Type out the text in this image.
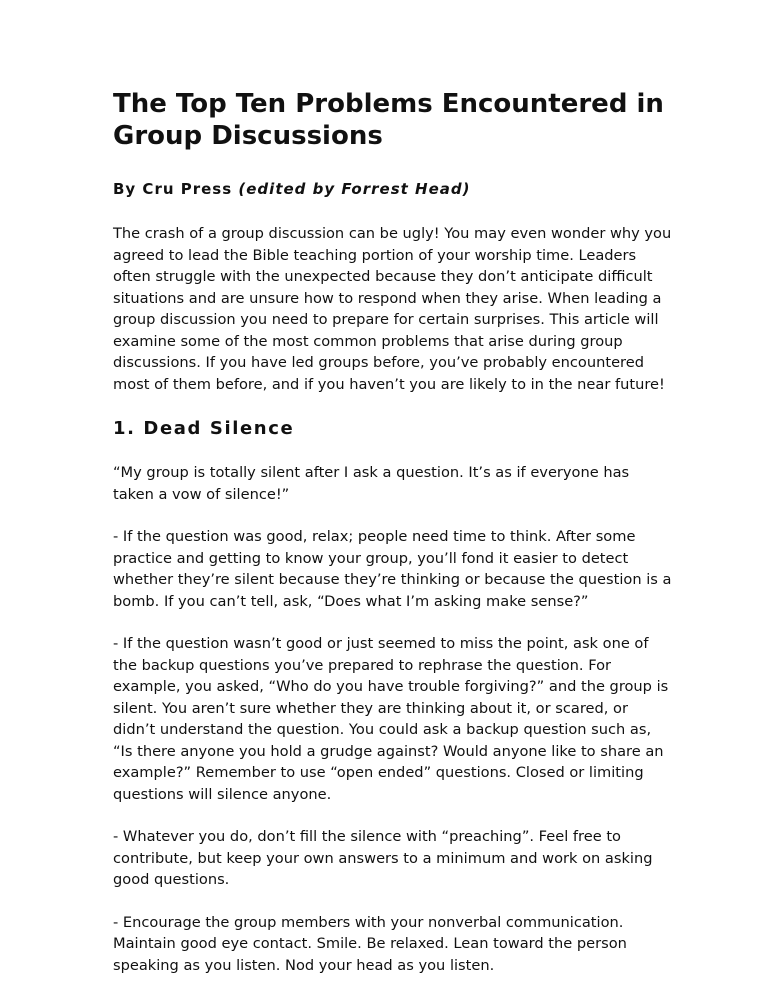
The Top Ten Problems Encountered in Group Discussions
By Cru Press (edited by Forrest Head)

The crash of a group discussion can be ugly! You may even wonder why you agreed to lead the Bible teaching portion of your worship time. Leaders often struggle with the unexpected because they don’t anticipate difficult situations and are unsure how to respond when they arise. When leading a group discussion you need to prepare for certain surprises. This article will examine some of the most common problems that arise during group discussions. If you have led groups before, you’ve probably encountered most of them before, and if you haven’t you are likely to in the near future!

1. Dead Silence

“My group is totally silent after I ask a question. It’s as if everyone has taken a vow of silence!”

- If the question was good, relax; people need time to think. After some practice and getting to know your group, you’ll fond it easier to detect whether they’re silent because they’re thinking or because the question is a bomb. If you can’t tell, ask, “Does what I’m asking make sense?”

- If the question wasn’t good or just seemed to miss the point, ask one of the backup questions you’ve prepared to rephrase the question. For example, you asked, “Who do you have trouble forgiving?” and the group is silent. You aren’t sure whether they are thinking about it, or scared, or didn’t understand the question. You could ask a backup question such as, “Is there anyone you hold a grudge against? Would anyone like to share an example?” Remember to use “open ended” questions. Closed or limiting questions will silence anyone.

- Whatever you do, don’t fill the silence with “preaching”. Feel free to contribute, but keep your own answers to a minimum and work on asking good questions.

- Encourage the group members with your nonverbal communication. Maintain good eye contact. Smile. Be relaxed. Lean toward the person speaking as you listen. Nod your head as you listen.
